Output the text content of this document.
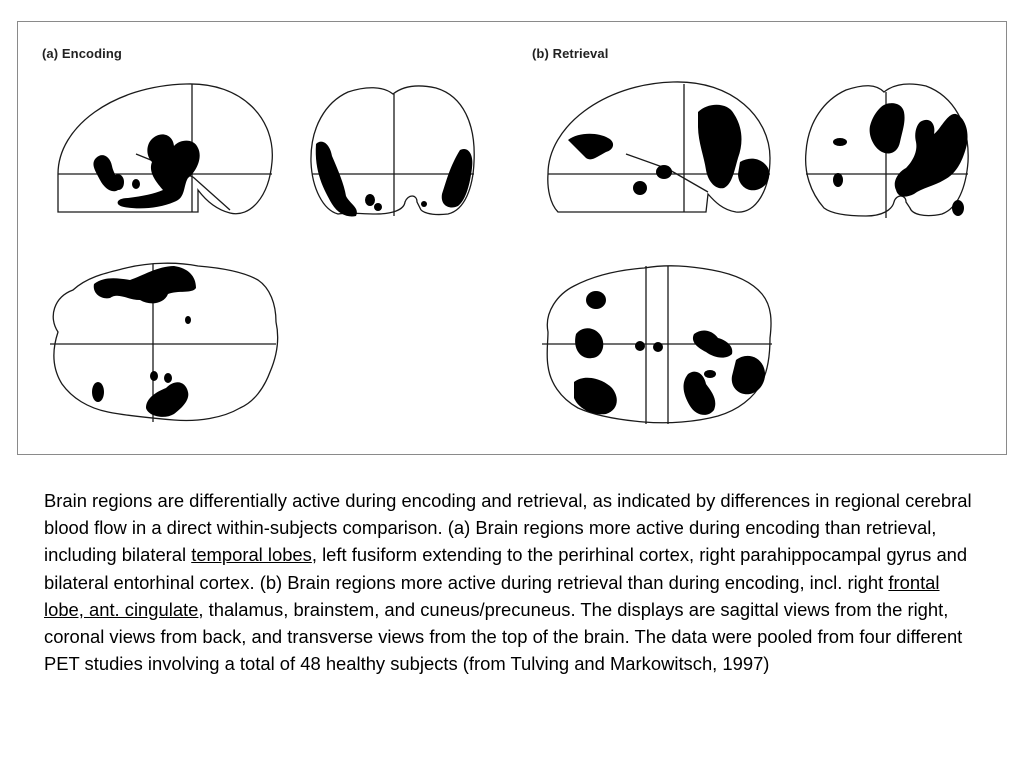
(a) Encoding	(b) Retrieval
Brain regions are differentially active during encoding and retrieval, as indicated by differences in regional cerebral blood flow in a direct within-subjects comparison. (a) Brain regions more active during encoding than retrieval, including bilateral temporal lobes, left fusiform extending to the perirhinal cortex, right parahippocampal gyrus and bilateral entorhinal cortex. (b) Brain regions more active during retrieval than during encoding, incl. right frontal lobe, ant. cingulate, thalamus, brainstem, and cuneus/precuneus. The displays are sagittal views from the right, coronal views from back, and transverse views from the top of the brain. The data were pooled from four different PET studies involving a total of 48 healthy subjects (from Tulving and Markowitsch, 1997)
